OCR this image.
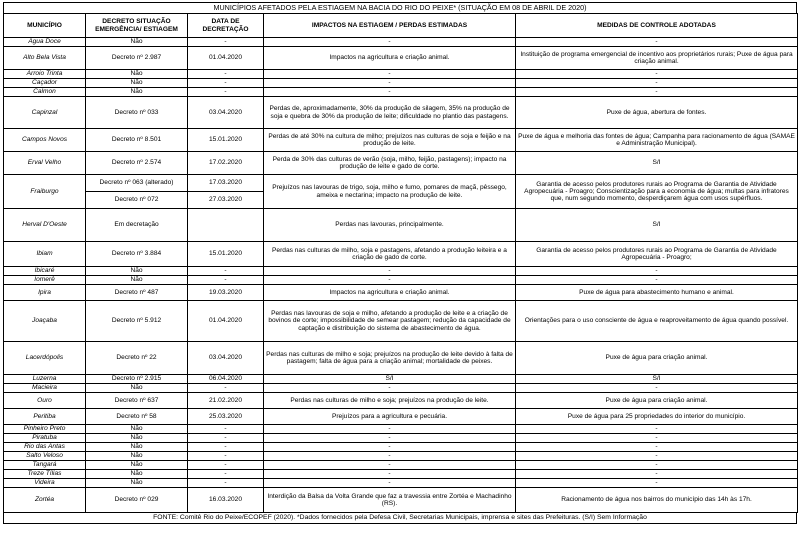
MUNICÍPIOS AFETADOS PELA ESTIAGEM NA BACIA DO RIO DO PEIXE* (SITUAÇÃO EM 08 DE ABRIL DE 2020)
MUNICÍPIO	DECRETO SITUAÇÃO EMERGÊNCIA/ ESTIAGEM	DATA DE DECRETAÇÃO	IMPACTOS NA ESTIAGEM / PERDAS ESTIMADAS	MEDIDAS DE CONTROLE ADOTADAS
Água Doce	Não	-	-	-
Alto Bela Vista	Decreto nº 2.987	01.04.2020	Impactos na agricultura e criação animal.	Instituição de programa emergencial de incentivo aos proprietários rurais; Puxe de água para criação animal.
Arroio Trinta	Não	-	-	-
Caçador	Não	-	-	-
Calmon	Não	-	-	-
Capinzal	Decreto nº 033	03.04.2020	Perdas de, aproximadamente, 30% da produção de silagem, 35% na produção de soja e quebra de 30% da produção de leite; dificuldade no plantio das pastagens.	Puxe de água, abertura de fontes.
Campos Novos	Decreto nº 8.501	15.01.2020	Perdas de até 30% na cultura de milho; prejuízos nas culturas de soja e feijão e na produção de leite.	Puxe de água e melhoria das fontes de água; Campanha para racionamento de água (SAMAE e Administração Municipal).
Erval Velho	Decreto nº 2.574	17.02.2020	Perda de 30% das culturas de verão (soja, milho, feijão, pastagens); impacto na produção de leite e gado de corte.	S/I
Fraiburgo	Decreto nº 063 (alterado)	17.03.2020	Prejuízos nas lavouras de trigo, soja, milho e fumo, pomares de maçã, pêssego, ameixa e nectarina; impacto na produção de leite.	Garantia de acesso pelos produtores rurais ao Programa de Garantia de Atividade Agropecuária - Proagro; Conscientização para a economia de água; multas para infratores que, num segundo momento, desperdiçarem água com usos supérfluos.
	Decreto nº 072	27.03.2020		
Herval D'Oeste	Em decretação		Perdas nas lavouras, principalmente.	S/I
Ibiam	Decreto nº 3.884	15.01.2020	Perdas nas culturas de milho, soja e pastagens, afetando a produção leiteira e a criação de gado de corte.	Garantia de acesso pelos produtores rurais ao Programa de Garantia de Atividade Agropecuária - Proagro;
Ibicaré	Não	-	-	-
Iomerê	Não	-	-	-
Ipira	Decreto nº 487	19.03.2020	Impactos na agricultura e criação animal.	Puxe de água para abastecimento humano e animal.
Joaçaba	Decreto nº 5.912	01.04.2020	Perdas nas lavouras de soja e milho, afetando a produção de leite e a criação de bovinos de corte; impossibilidade de semear pastagem; redução da capacidade de captação e distribuição do sistema de abastecimento de água.	Orientações para o uso consciente de água e reaproveitamento de água quando possível.
Lacerdópolis	Decreto nº 22	03.04.2020	Perdas nas culturas de milho e soja; prejuízos na produção de leite devido à falta de pastagem; falta de água para a criação animal; mortalidade de peixes.	Puxe de água para criação animal.
Luzerna	Decreto nº 2.915	06.04.2020	S/I	S/I
Macieira	Não	-	-	-
Ouro	Decreto nº 637	21.02.2020	Perdas nas culturas de milho e soja; prejuízos na produção de leite.	Puxe de água para criação animal.
Peritiba	Decreto nº 58	25.03.2020	Prejuízos para a agricultura e pecuária.	Puxe de água para 25 propriedades do interior do município.
Pinheiro Preto	Não	-	-	-
Piratuba	Não	-	-	-
Rio das Antas	Não	-	-	-
Salto Veloso	Não	-	-	-
Tangará	Não	-	-	-
Treze Tílias	Não	-	-	-
Videira	Não	-	-	-
Zortéa	Decreto nº 029	16.03.2020	Interdição da Balsa da Volta Grande que faz a travessia entre Zortéa e Machadinho (RS).	Racionamento de água nos bairros do município das 14h às 17h.
FONTE: Comitê Rio do Peixe/ECOPEF (2020). *Dados fornecidos pela Defesa Civil, Secretarias Municipais, imprensa e sites das Prefeituras. (S/I) Sem Informação
